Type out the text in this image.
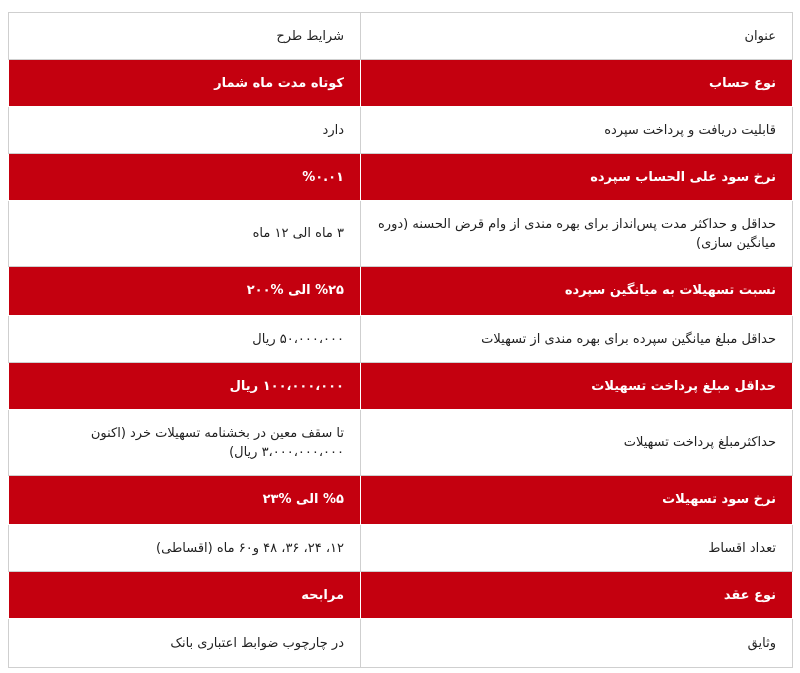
عنوان	شرایط طرح
نوع حساب	کوتاه مدت ماه شمار
قابلیت دریافت و پرداخت سپرده	دارد
نرخ سود علی الحساب سپرده	%۰.۰۱
حداقل و حداکثر مدت پس‌انداز برای بهره مندی از وام قرض الحسنه (دوره میانگین سازی)	۳ ماه الی ۱۲ ماه
نسبت تسهیلات به میانگین سپرده	%۲۵ الی %۲۰۰
حداقل مبلغ میانگین سپرده برای بهره مندی از تسهیلات	۵۰،۰۰۰،۰۰۰ ریال
حداقل مبلغ پرداخت تسهیلات	۱۰۰،۰۰۰،۰۰۰ ریال
حداکثرمبلغ پرداخت تسهیلات	تا سقف معین در بخشنامه تسهیلات خرد (اکنون ۳،۰۰۰،۰۰۰،۰۰۰ ریال)
نرخ سود تسهیلات	%۵ الی %۲۳
تعداد اقساط	۱۲، ۲۴، ۳۶، ۴۸ و۶۰ ماه (اقساطی)
نوع عقد	مرابحه
وثایق	در چارچوب ضوابط اعتباری بانک
